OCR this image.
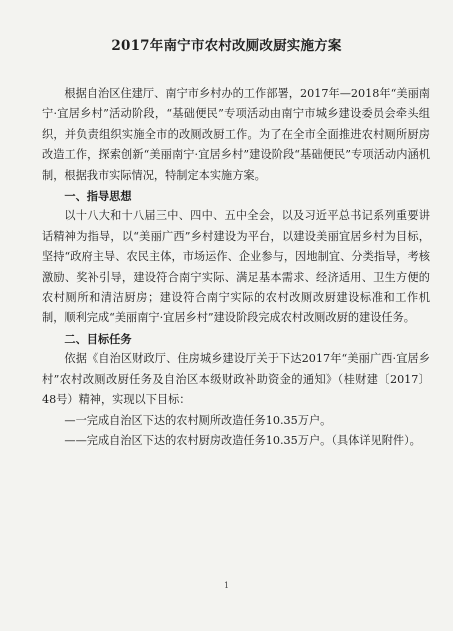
2017年南宁市农村改厕改厨实施方案

根据自治区住建厅、南宁市乡村办的工作部署，2017年—2018年“美丽南宁·宜居乡村”活动阶段，“基础便民”专项活动由南宁市城乡建设委员会牵头组织，并负责组织实施全市的改厕改厨工作。为了在全市全面推进农村厕所厨房改造工作，探索创新“美丽南宁·宜居乡村”建设阶段“基础便民”专项活动内涵机制，根据我市实际情况，特制定本实施方案。

一、指导思想

以十八大和十八届三中、四中、五中全会，以及习近平总书记系列重要讲话精神为指导，以“美丽广西”乡村建设为平台，以建设美丽宜居乡村为目标，坚持“政府主导、农民主体，市场运作、企业参与，因地制宜、分类指导，考核激励、奖补引导，建设符合南宁实际、满足基本需求、经济适用、卫生方便的农村厕所和清洁厨房；建设符合南宁实际的农村改厕改厨建设标准和工作机制，顺利完成“美丽南宁·宜居乡村”建设阶段完成农村改厕改厨的建设任务。

二、目标任务

依据《自治区财政厅、住房城乡建设厅关于下达2017年“美丽广西·宜居乡村”农村改厕改厨任务及自治区本级财政补助资金的通知》（桂财建〔2017〕48号）精神，实现以下目标：

—一完成自治区下达的农村厕所改造任务10.35万户。

——完成自治区下达的农村厨房改造任务10.35万户。（具体详见附件）。

1
